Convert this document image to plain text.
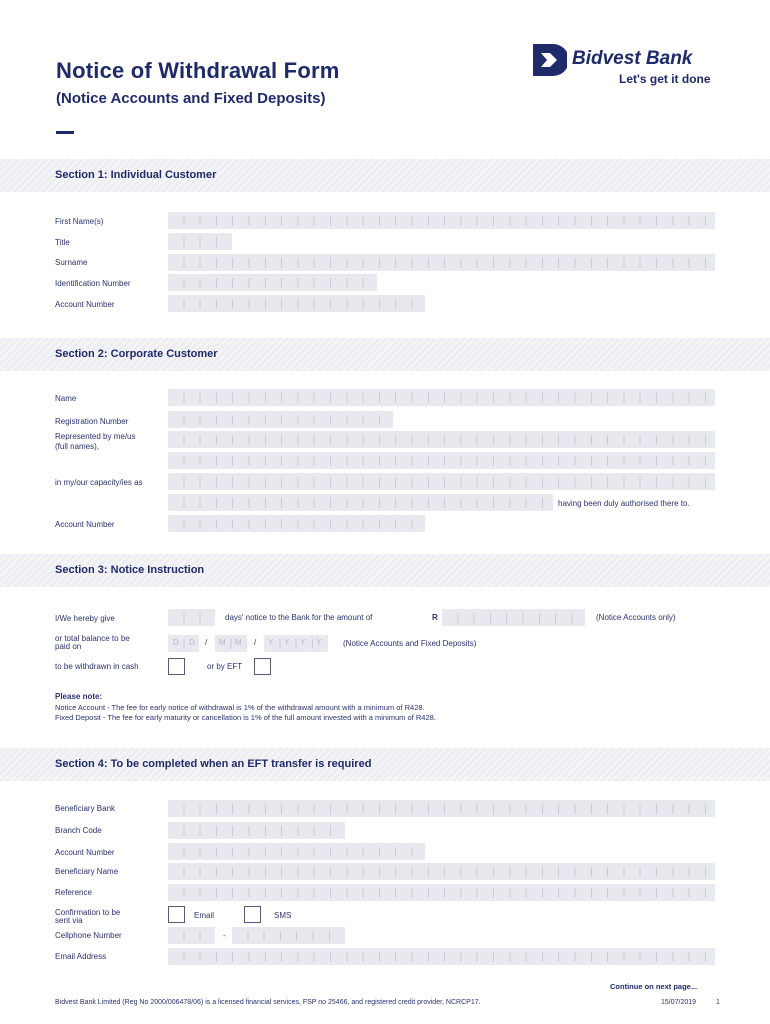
Notice of Withdrawal Form
(Notice Accounts and Fixed Deposits)
Bidvest Bank
Let's get it done
Section 1: Individual Customer
First Name(s)
Title
Surname
Identification Number
Account Number
Section 2: Corporate Customer
Name
Registration Number
Represented by me/us
(full names),
in my/our capacity/ies as
having been duly authorised there to.
Account Number
Section 3: Notice Instruction
I/We hereby give	days' notice to the Bank for the amount of	R	(Notice Accounts only)
or total balance to be
paid on	D D / M M / Y Y Y Y	(Notice Accounts and Fixed Deposits)
to be withdrawn in cash	or by EFT
Please note:
Notice Account - The fee for early notice of withdrawal is 1% of the withdrawal amount with a minimum of R428.
Fixed Deposit - The fee for early maturity or cancellation is 1% of the full amount invested with a minimum of R428.
Section 4: To be completed when an EFT transfer is required
Beneficiary Bank
Branch Code
Account Number
Beneficiary Name
Reference
Confirmation to be
sent via
Email	SMS
Cellphone Number	-
Email Address
Continue on next page...
Bidvest Bank Limited (Reg No 2000/006478/06) is a licensed financial services, FSP no 25466, and registered credit provider, NCRCP17.	15/07/2019	1
